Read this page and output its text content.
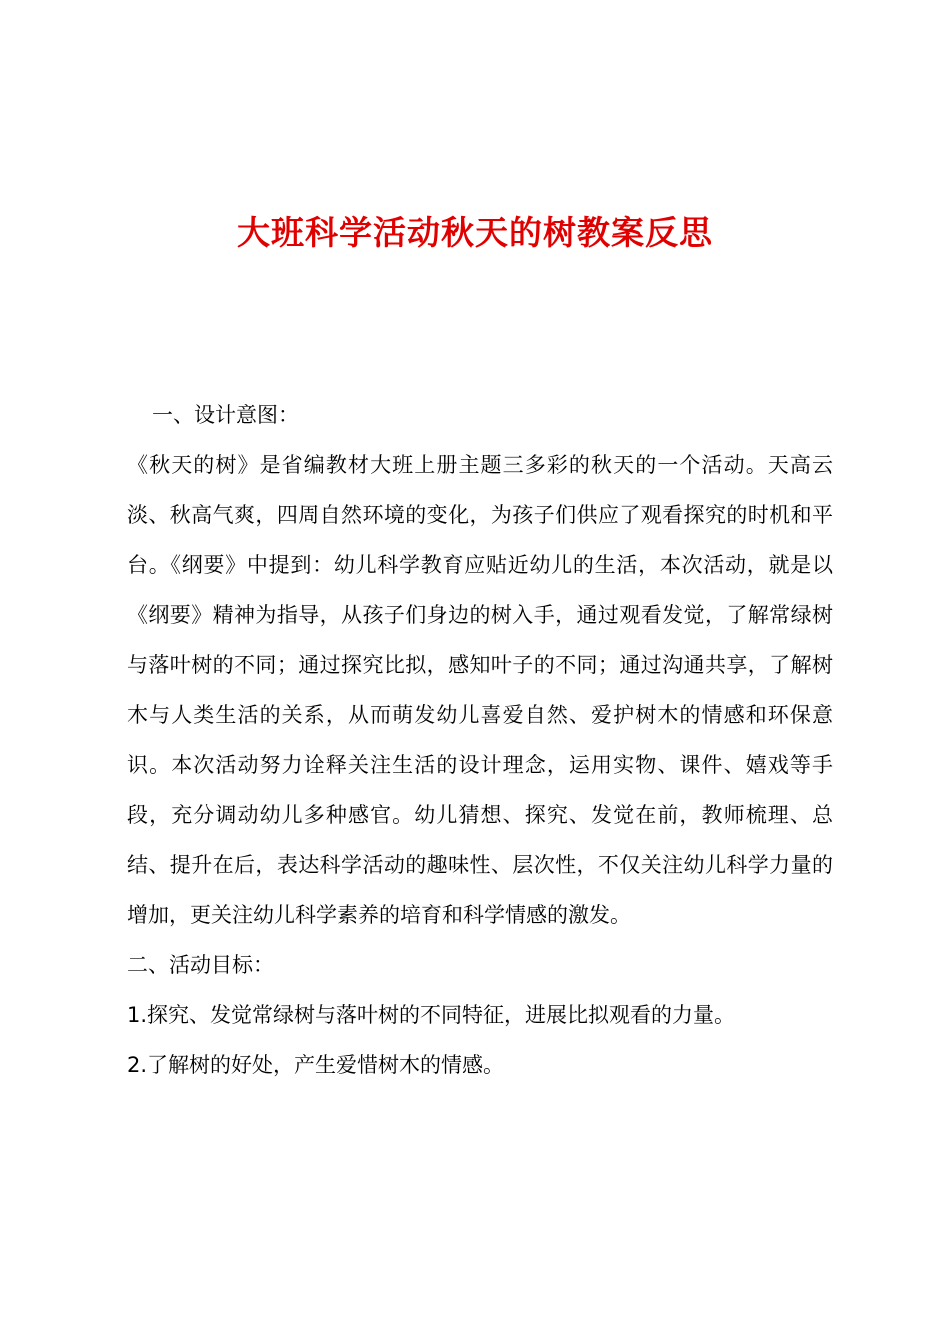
大班科学活动秋天的树教案反思

一、设计意图：

《秋天的树》是省编教材大班上册主题三多彩的秋天的一个活动。天高云淡、秋高气爽，四周自然环境的变化，为孩子们供应了观看探究的时机和平台。《纲要》中提到：幼儿科学教育应贴近幼儿的生活，本次活动，就是以《纲要》精神为指导，从孩子们身边的树入手，通过观看发觉，了解常绿树与落叶树的不同；通过探究比拟，感知叶子的不同；通过沟通共享，了解树木与人类生活的关系，从而萌发幼儿喜爱自然、爱护树木的情感和环保意识。本次活动努力诠释关注生活的设计理念，运用实物、课件、嬉戏等手段，充分调动幼儿多种感官。幼儿猜想、探究、发觉在前，教师梳理、总结、提升在后，表达科学活动的趣味性、层次性，不仅关注幼儿科学力量的增加，更关注幼儿科学素养的培育和科学情感的激发。

二、活动目标：

1.探究、发觉常绿树与落叶树的不同特征，进展比拟观看的力量。

2.了解树的好处，产生爱惜树木的情感。
